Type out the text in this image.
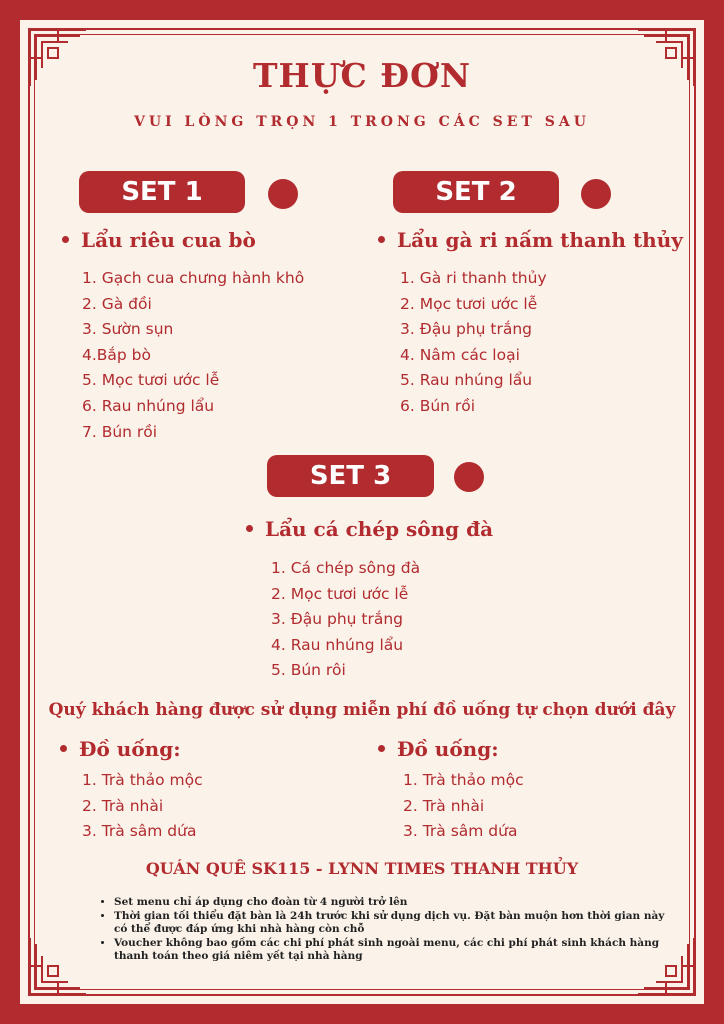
THỰC ĐƠN

VUI LÒNG TRỌN 1 TRONG CÁC SET SAU

SET 1
Lẩu riêu cua bò
1. Gạch cua chưng hành khô
2. Gà đồi
3. Sườn sụn
4.Bắp bò
5. Mọc tươi ước lễ
6. Rau nhúng lẩu
7. Bún rồi
SET 2
Lẩu gà ri nấm thanh thủy
1. Gà ri thanh thủy
2. Mọc tươi ước lễ
3. Đậu phụ trắng
4. Nâm các loại
5. Rau nhúng lẩu
6. Bún rồi
SET 3
Lẩu cá chép sông đà
1. Cá chép sông đà
2. Mọc tươi ước lễ
3. Đậu phụ trắng
4. Rau nhúng lẩu
5. Bún rôi

Quý khách hàng được sử dụng miễn phí đồ uống tự chọn dưới đây

Đồ uống:
1. Trà thảo mộc
2. Trà nhài
3. Trà sâm dứa
Đồ uống:
1. Trà thảo mộc
2. Trà nhài
3. Trà sâm dứa

QUÁN QUÊ SK115 - LYNN TIMES THANH THỦY

• Set menu chỉ áp dụng cho đoàn từ 4 người trở lên
• Thời gian tối thiểu đặt bàn là 24h trước khi sử dụng dịch vụ. Đặt bàn muộn hơn thời gian này có thể được đáp ứng khi nhà hàng còn chỗ
• Voucher không bao gồm các chi phí phát sinh ngoài menu, các chi phí phát sinh khách hàng thanh toán theo giá niêm yết tại nhà hàng
